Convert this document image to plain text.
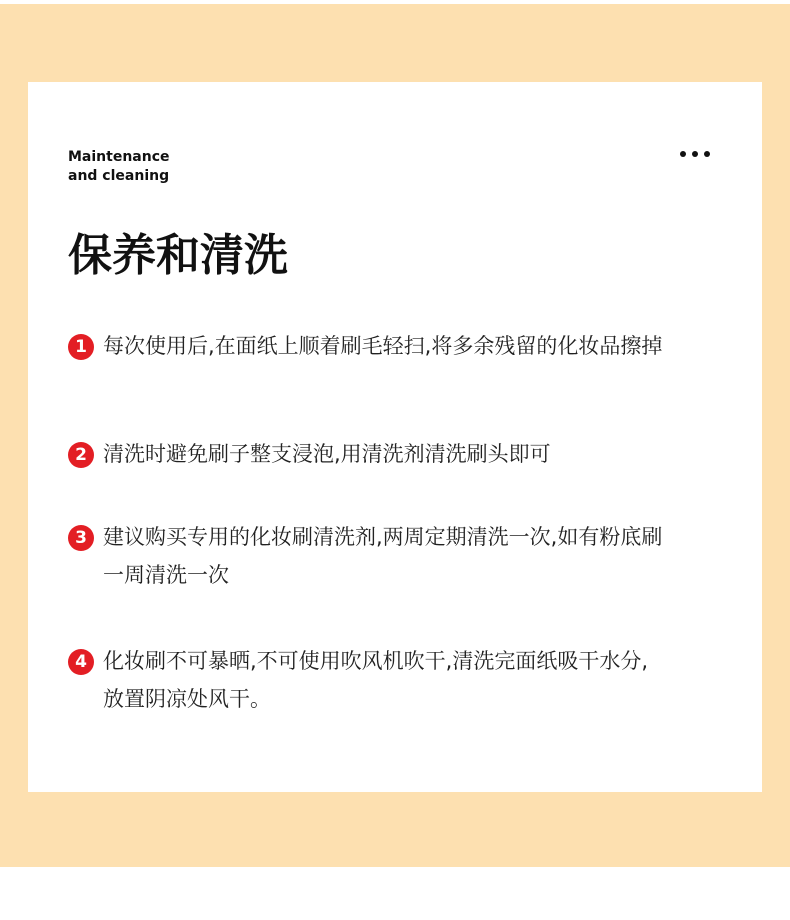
Maintenance
and cleaning
保养和清洗
1 每次使用后,在面纸上顺着刷毛轻扫,将多余残留的化妆品擦掉
2 清洗时避免刷子整支浸泡,用清洗剂清洗刷头即可
3 建议购买专用的化妆刷清洗剂,两周定期清洗一次,如有粉底刷一周清洗一次
4 化妆刷不可暴晒,不可使用吹风机吹干,清洗完面纸吸干水分,放置阴凉处风干。
